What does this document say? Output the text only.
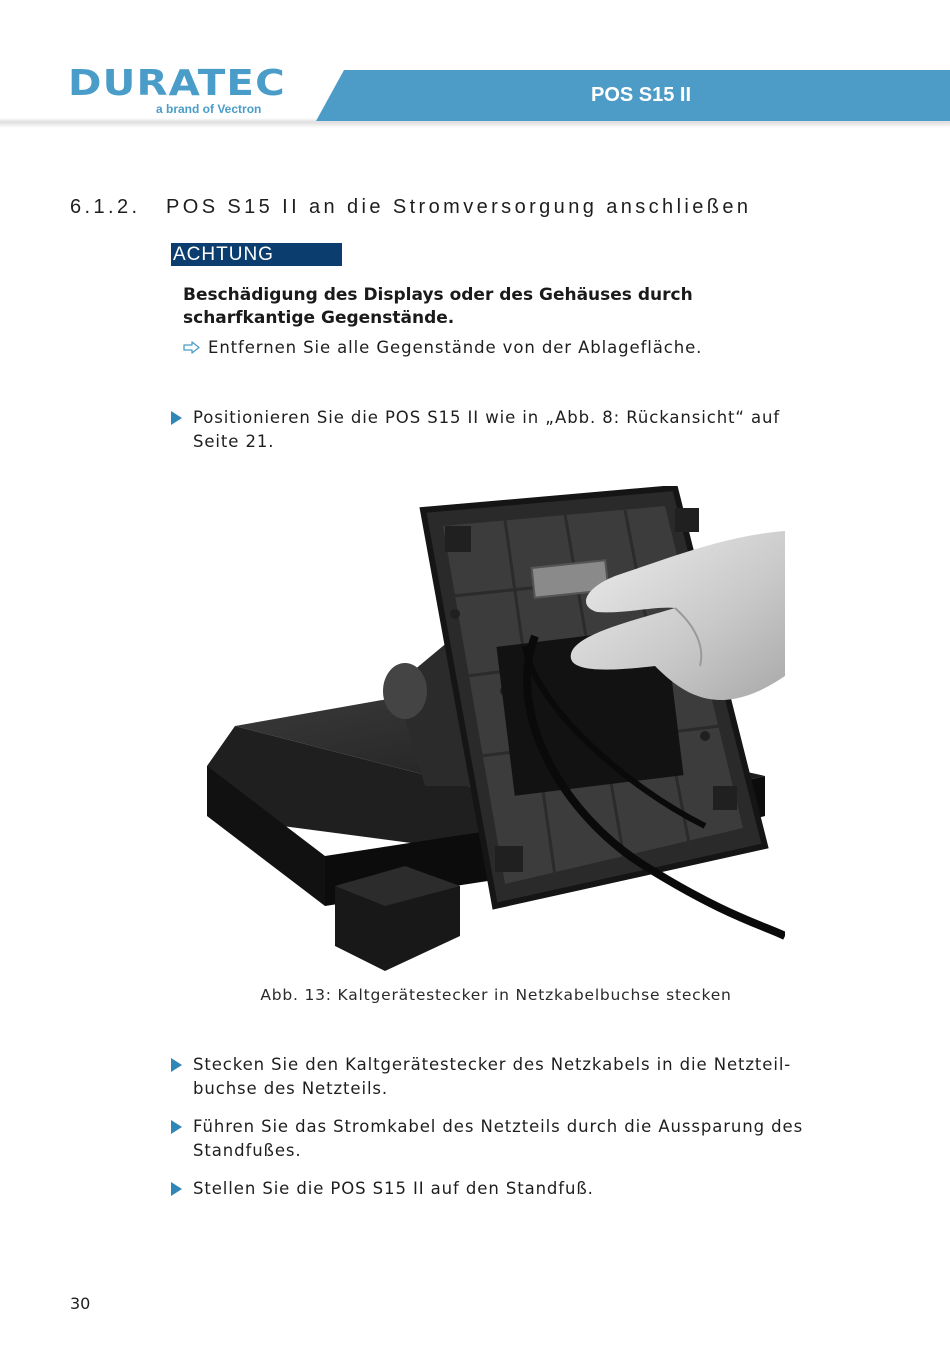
DURATEC
a brand of Vectron
POS S15 II
6.1.2. POS S15 II an die Stromversorgung anschließen
ACHTUNG
Beschädigung des Displays oder des Gehäuses durch scharfkantige Gegenstände.
Entfernen Sie alle Gegenstände von der Ablagefläche.
Positionieren Sie die POS S15 II wie in „Abb. 8: Rückansicht“ auf Seite 21.
Abb. 13: Kaltgerätestecker in Netzkabelbuchse stecken
Stecken Sie den Kaltgerätestecker des Netzkabels in die Netzteil-buchse des Netzteils.
Führen Sie das Stromkabel des Netzteils durch die Aussparung des Standfußes.
Stellen Sie die POS S15 II auf den Standfuß.
30
